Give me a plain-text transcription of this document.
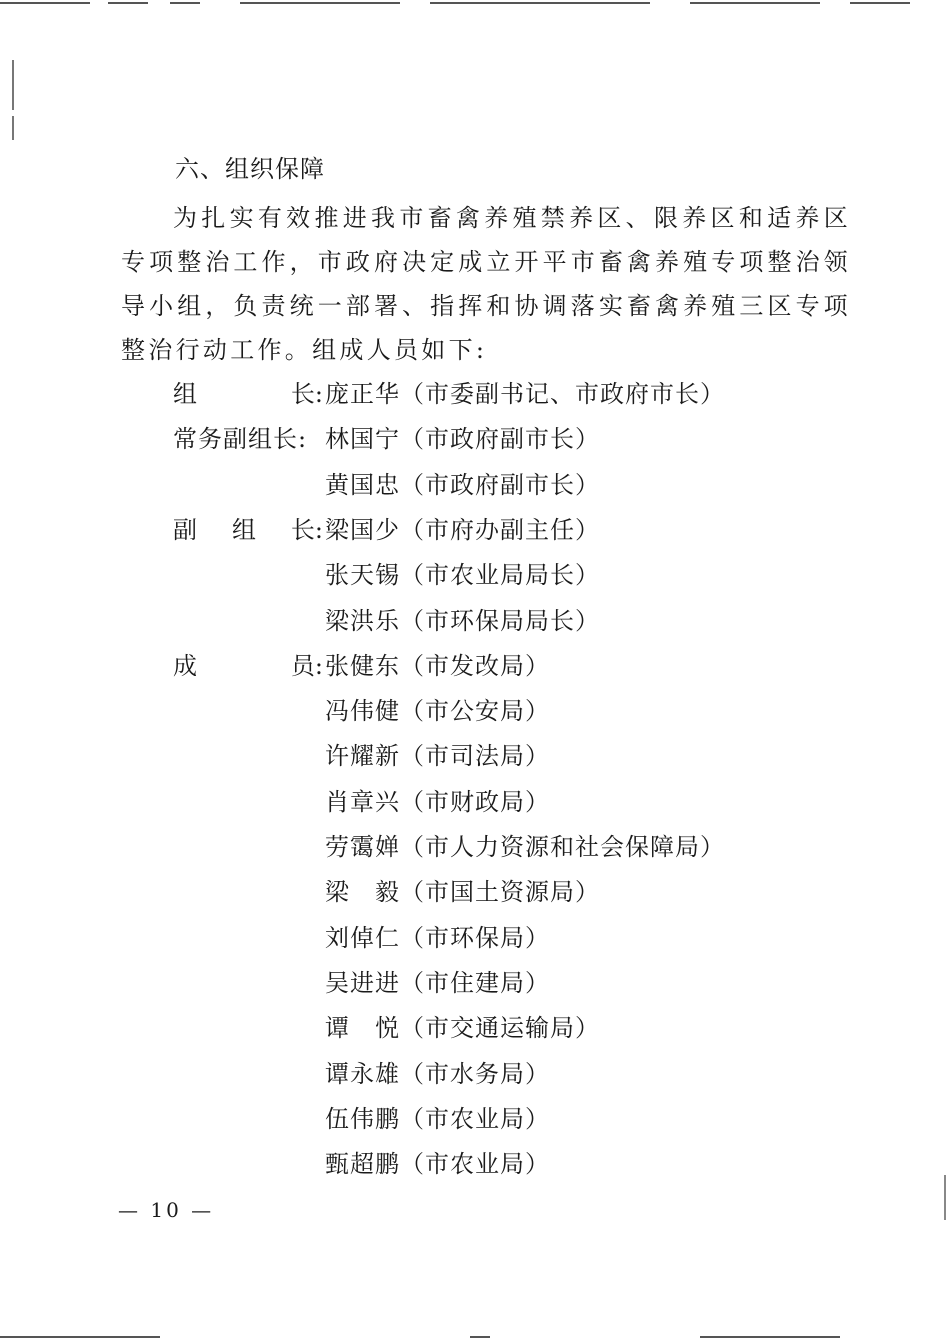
六、组织保障
为扎实有效推进我市畜禽养殖禁养区、限养区和适养区专项整治工作，市政府决定成立开平市畜禽养殖专项整治领导小组，负责统一部署、指挥和协调落实畜禽养殖三区专项整治行动工作。组成人员如下:
组	长: 庞正华（市委副书记、市政府市长）
常务副组长: 林国宁（市政府副市长）
黄国忠（市政府副市长）
副 组 长: 梁国少（市府办副主任）
张天锡（市农业局局长）
梁洪乐（市环保局局长）
成	员: 张健东（市发改局）
冯伟健（市公安局）
许耀新（市司法局）
肖章兴（市财政局）
劳霭婵（市人力资源和社会保障局）
梁　毅（市国土资源局）
刘倬仁（市环保局）
吴进进（市住建局）
谭　悦（市交通运输局）
谭永雄（市水务局）
伍伟鹏（市农业局）
甄超鹏（市农业局）
— 10 —
